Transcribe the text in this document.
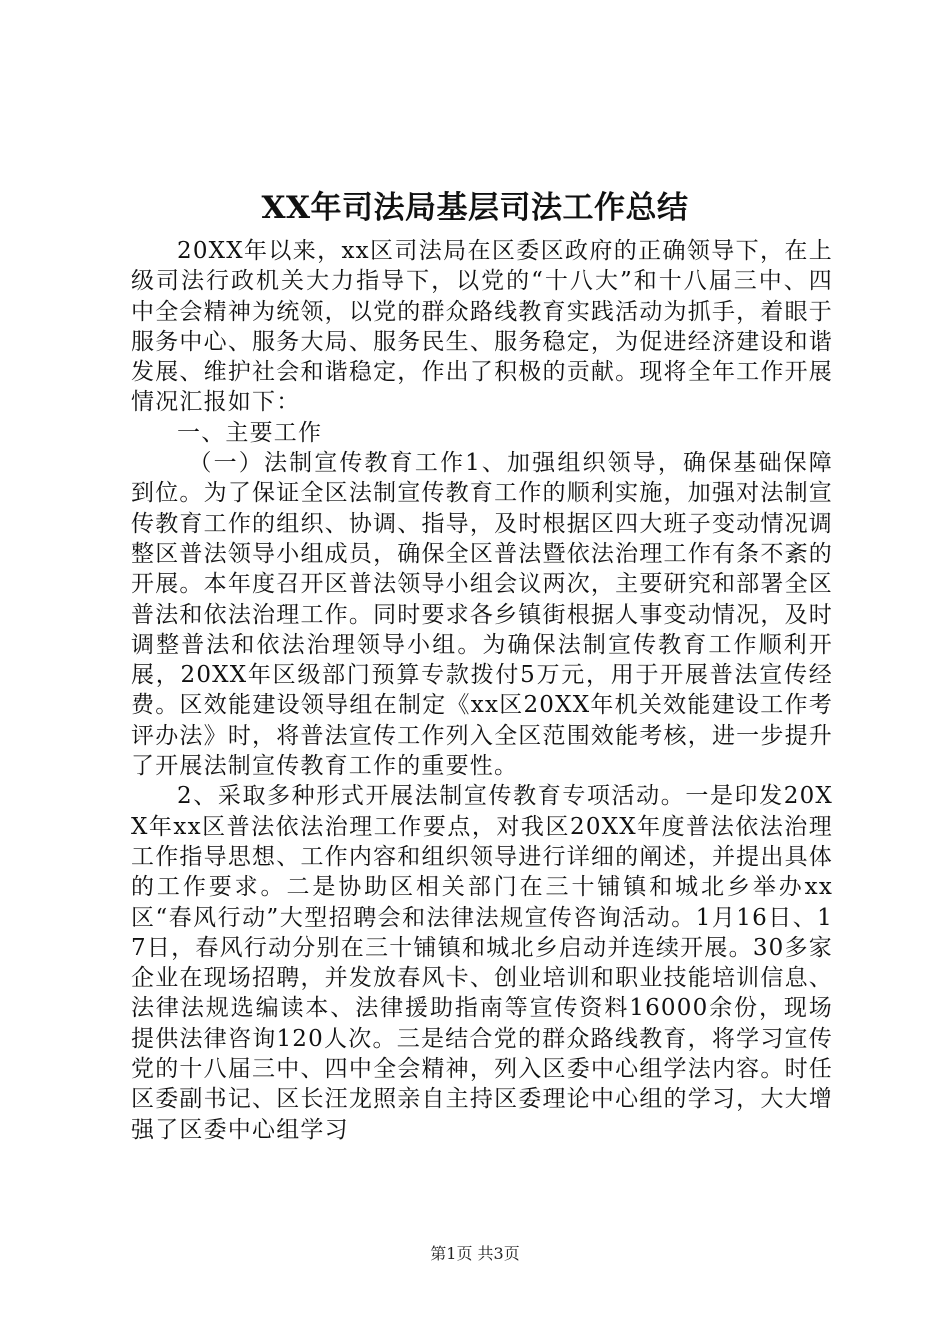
XX年司法局基层司法工作总结

20XX年以来，xx区司法局在区委区政府的正确领导下，在上级司法行政机关大力指导下，以党的“十八大”和十八届三中、四中全会精神为统领，以党的群众路线教育实践活动为抓手，着眼于服务中心、服务大局、服务民生、服务稳定，为促进经济建设和谐发展、维护社会和谐稳定，作出了积极的贡献。现将全年工作开展情况汇报如下：

一、主要工作

（一）法制宣传教育工作1、加强组织领导，确保基础保障到位。为了保证全区法制宣传教育工作的顺利实施，加强对法制宣传教育工作的组织、协调、指导，及时根据区四大班子变动情况调整区普法领导小组成员，确保全区普法暨依法治理工作有条不紊的开展。本年度召开区普法领导小组会议两次，主要研究和部署全区普法和依法治理工作。同时要求各乡镇街根据人事变动情况，及时调整普法和依法治理领导小组。为确保法制宣传教育工作顺利开展，20XX年区级部门预算专款拨付5万元，用于开展普法宣传经费。区效能建设领导组在制定《xx区20XX年机关效能建设工作考评办法》时，将普法宣传工作列入全区范围效能考核，进一步提升了开展法制宣传教育工作的重要性。

2、采取多种形式开展法制宣传教育专项活动。一是印发20XX年xx区普法依法治理工作要点，对我区20XX年度普法依法治理工作指导思想、工作内容和组织领导进行详细的阐述，并提出具体的工作要求。二是协助区相关部门在三十铺镇和城北乡举办xx区“春风行动”大型招聘会和法律法规宣传咨询活动。1月16日、17日，春风行动分别在三十铺镇和城北乡启动并连续开展。30多家企业在现场招聘，并发放春风卡、创业培训和职业技能培训信息、法律法规选编读本、法律援助指南等宣传资料16000余份，现场提供法律咨询120人次。三是结合党的群众路线教育，将学习宣传党的十八届三中、四中全会精神，列入区委中心组学法内容。时任区委副书记、区长汪龙照亲自主持区委理论中心组的学习，大大增强了区委中心组学习

第1页 共3页
